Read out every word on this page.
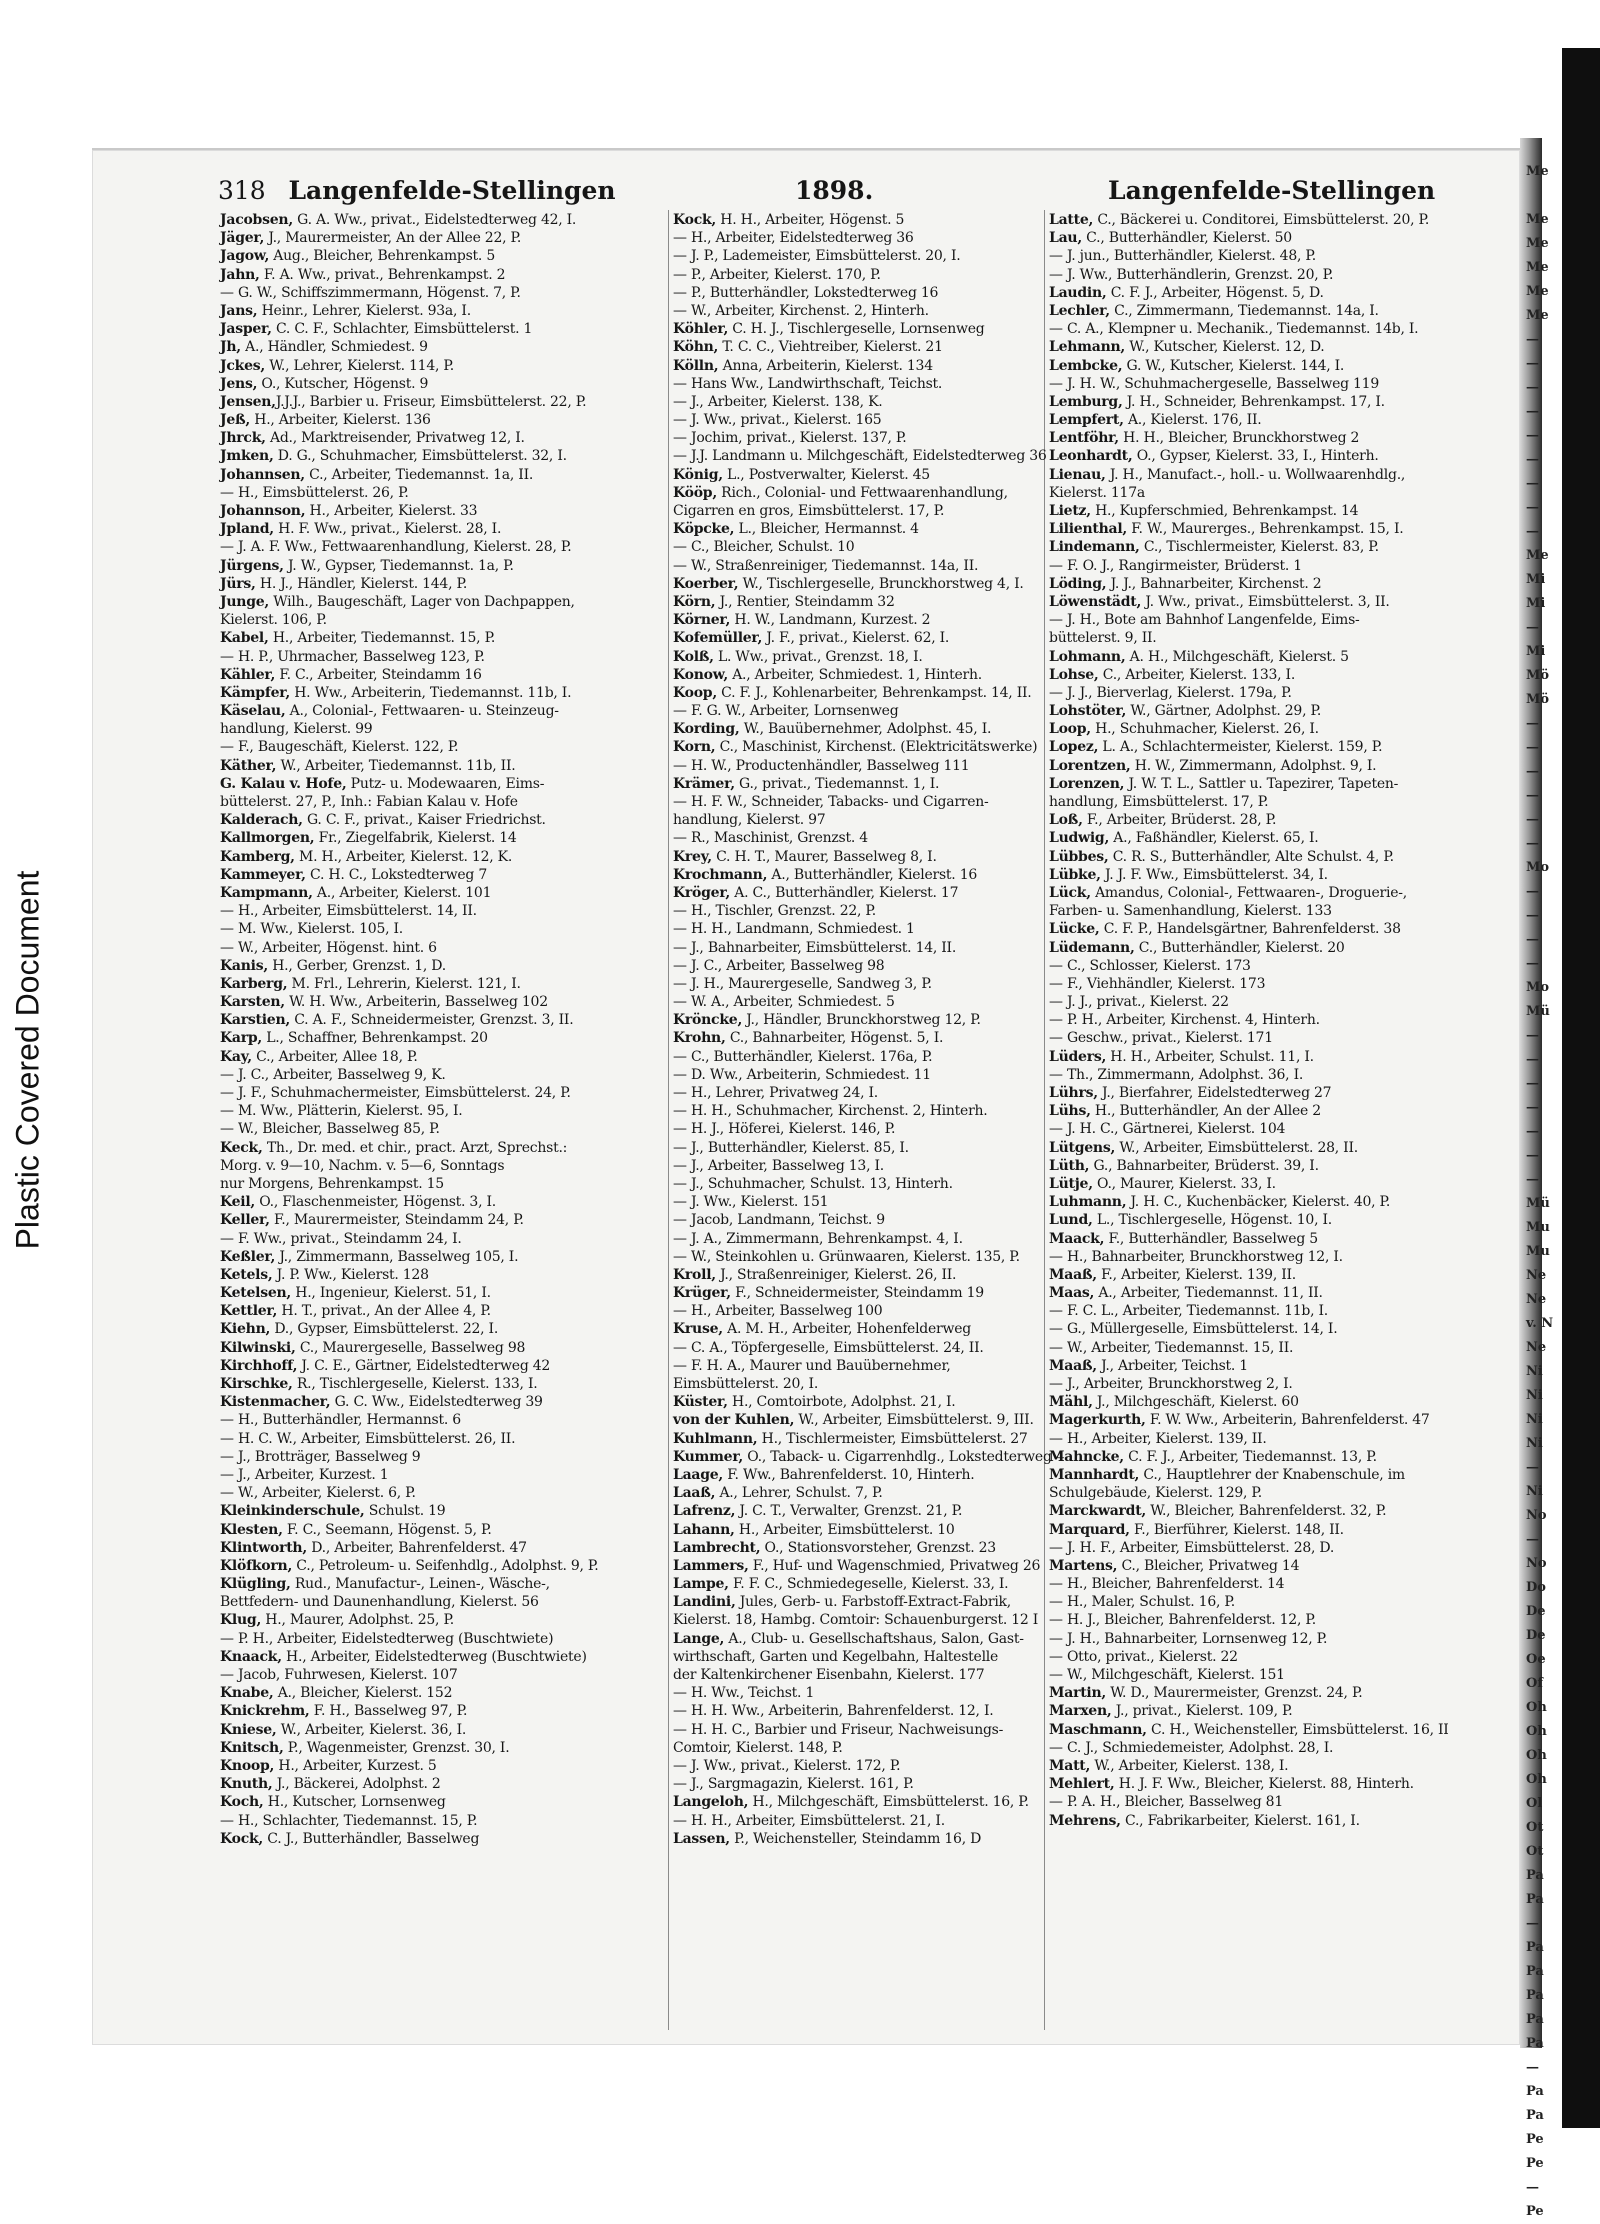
Plastic Covered Document
Me
Me
Me
Me
Me
Me
—
—
—
—
—
—
—
—
—
Me
Mi
Mi
—
Mi
Mö
Mö
—
—
—
—
—
—
Mo
—
—
—
—
Mo
Mü
—
—
—
—
—
—
—
Mü
Mu
Mu
Ne
Ne
v. N
Ne
Ni
Ni
Ni
Ni
—
Ni
No
—
No
Do
De
De
Oe
Of
Oh
Oh
Oh
Oh
Ol
Ot
Ot
Pa
Pa
—
Pa
Pa
Pa
Pa
Pa
—
Pa
Pa
Pe
Pe
—
Pe
318 Langenfelde-Stellingen	1898.	Langenfelde-Stellingen
Jacobsen, G. A. Ww., privat., Eidelstedterweg 42, I.
Jäger, J., Maurermeister, An der Allee 22, P.
Jagow, Aug., Bleicher, Behrenkampst. 5
Jahn, F. A. Ww., privat., Behrenkampst. 2
— G. W., Schiffszimmermann, Högenst. 7, P.
Jans, Heinr., Lehrer, Kielerst. 93a, I.
Jasper, C. C. F., Schlachter, Eimsbüttelerst. 1
Jh, A., Händler, Schmiedest. 9
Jckes, W., Lehrer, Kielerst. 114, P.
Jens, O., Kutscher, Högenst. 9
Jensen,J.J.J., Barbier u. Friseur, Eimsbüttelerst. 22, P.
Jeß, H., Arbeiter, Kielerst. 136
Jhrck, Ad., Marktreisender, Privatweg 12, I.
Jmken, D. G., Schuhmacher, Eimsbüttelerst. 32, I.
Johannsen, C., Arbeiter, Tiedemannst. 1a, II.
— H., Eimsbüttelerst. 26, P.
Johannson, H., Arbeiter, Kielerst. 33
Jpland, H. F. Ww., privat., Kielerst. 28, I.
— J. A. F. Ww., Fettwaarenhandlung, Kielerst. 28, P.
Jürgens, J. W., Gypser, Tiedemannst. 1a, P.
Jürs, H. J., Händler, Kielerst. 144, P.
Junge, Wilh., Baugeschäft, Lager von Dachpappen,
Kielerst. 106, P.
Kabel, H., Arbeiter, Tiedemannst. 15, P.
— H. P., Uhrmacher, Basselweg 123, P.
Kähler, F. C., Arbeiter, Steindamm 16
Kämpfer, H. Ww., Arbeiterin, Tiedemannst. 11b, I.
Käselau, A., Colonial-, Fettwaaren- u. Steinzeug-
handlung, Kielerst. 99
— F., Baugeschäft, Kielerst. 122, P.
Käther, W., Arbeiter, Tiedemannst. 11b, II.
G. Kalau v. Hofe, Putz- u. Modewaaren, Eims-
büttelerst. 27, P., Inh.: Fabian Kalau v. Hofe
Kalderach, G. C. F., privat., Kaiser Friedrichst.
Kallmorgen, Fr., Ziegelfabrik, Kielerst. 14
Kamberg, M. H., Arbeiter, Kielerst. 12, K.
Kammeyer, C. H. C., Lokstedterweg 7
Kampmann, A., Arbeiter, Kielerst. 101
— H., Arbeiter, Eimsbüttelerst. 14, II.
— M. Ww., Kielerst. 105, I.
— W., Arbeiter, Högenst. hint. 6
Kanis, H., Gerber, Grenzst. 1, D.
Karberg, M. Frl., Lehrerin, Kielerst. 121, I.
Karsten, W. H. Ww., Arbeiterin, Basselweg 102
Karstien, C. A. F., Schneidermeister, Grenzst. 3, II.
Karp, L., Schaffner, Behrenkampst. 20
Kay, C., Arbeiter, Allee 18, P.
— J. C., Arbeiter, Basselweg 9, K.
— J. F., Schuhmachermeister, Eimsbüttelerst. 24, P.
— M. Ww., Plätterin, Kielerst. 95, I.
— W., Bleicher, Basselweg 85, P.
Keck, Th., Dr. med. et chir., pract. Arzt, Sprechst.:
Morg. v. 9—10, Nachm. v. 5—6, Sonntags
nur Morgens, Behrenkampst. 15
Keil, O., Flaschenmeister, Högenst. 3, I.
Keller, F., Maurermeister, Steindamm 24, P.
— F. Ww., privat., Steindamm 24, I.
Keßler, J., Zimmermann, Basselweg 105, I.
Ketels, J. P. Ww., Kielerst. 128
Ketelsen, H., Ingenieur, Kielerst. 51, I.
Kettler, H. T., privat., An der Allee 4, P.
Kiehn, D., Gypser, Eimsbüttelerst. 22, I.
Kilwinski, C., Maurergeselle, Basselweg 98
Kirchhoff, J. C. E., Gärtner, Eidelstedterweg 42
Kirschke, R., Tischlergeselle, Kielerst. 133, I.
Kistenmacher, G. C. Ww., Eidelstedterweg 39
— H., Butterhändler, Hermannst. 6
— H. C. W., Arbeiter, Eimsbüttelerst. 26, II.
— J., Brotträger, Basselweg 9
— J., Arbeiter, Kurzest. 1
— W., Arbeiter, Kielerst. 6, P.
Kleinkinderschule, Schulst. 19
Klesten, F. C., Seemann, Högenst. 5, P.
Klintworth, D., Arbeiter, Bahrenfelderst. 47
Klöfkorn, C., Petroleum- u. Seifenhdlg., Adolphst. 9, P.
Klügling, Rud., Manufactur-, Leinen-, Wäsche-,
Bettfedern- und Daunenhandlung, Kielerst. 56
Klug, H., Maurer, Adolphst. 25, P.
— P. H., Arbeiter, Eidelstedterweg (Buschtwiete)
Knaack, H., Arbeiter, Eidelstedterweg (Buschtwiete)
— Jacob, Fuhrwesen, Kielerst. 107
Knabe, A., Bleicher, Kielerst. 152
Knickrehm, F. H., Basselweg 97, P.
Kniese, W., Arbeiter, Kielerst. 36, I.
Knitsch, P., Wagenmeister, Grenzst. 30, I.
Knoop, H., Arbeiter, Kurzest. 5
Knuth, J., Bäckerei, Adolphst. 2
Koch, H., Kutscher, Lornsenweg
— H., Schlachter, Tiedemannst. 15, P.
Kock, C. J., Butterhändler, Basselweg
Kock, H. H., Arbeiter, Högenst. 5
— H., Arbeiter, Eidelstedterweg 36
— J. P., Lademeister, Eimsbüttelerst. 20, I.
— P., Arbeiter, Kielerst. 170, P.
— P., Butterhändler, Lokstedterweg 16
— W., Arbeiter, Kirchenst. 2, Hinterh.
Köhler, C. H. J., Tischlergeselle, Lornsenweg
Köhn, T. C. C., Viehtreiber, Kielerst. 21
Kölln, Anna, Arbeiterin, Kielerst. 134
— Hans Ww., Landwirthschaft, Teichst.
— J., Arbeiter, Kielerst. 138, K.
— J. Ww., privat., Kielerst. 165
— Jochim, privat., Kielerst. 137, P.
— J.J. Landmann u. Milchgeschäft, Eidelstedterweg 36
König, L., Postverwalter, Kielerst. 45
Kööp, Rich., Colonial- und Fettwaarenhandlung,
Cigarren en gros, Eimsbüttelerst. 17, P.
Köpcke, L., Bleicher, Hermannst. 4
— C., Bleicher, Schulst. 10
— W., Straßenreiniger, Tiedemannst. 14a, II.
Koerber, W., Tischlergeselle, Brunckhorstweg 4, I.
Körn, J., Rentier, Steindamm 32
Körner, H. W., Landmann, Kurzest. 2
Kofemüller, J. F., privat., Kielerst. 62, I.
Kolß, L. Ww., privat., Grenzst. 18, I.
Konow, A., Arbeiter, Schmiedest. 1, Hinterh.
Koop, C. F. J., Kohlenarbeiter, Behrenkampst. 14, II.
— F. G. W., Arbeiter, Lornsenweg
Kording, W., Bauübernehmer, Adolphst. 45, I.
Korn, C., Maschinist, Kirchenst. (Elektricitätswerke)
— H. W., Productenhändler, Basselweg 111
Krämer, G., privat., Tiedemannst. 1, I.
— H. F. W., Schneider, Tabacks- und Cigarren-
handlung, Kielerst. 97
— R., Maschinist, Grenzst. 4
Krey, C. H. T., Maurer, Basselweg 8, I.
Krochmann, A., Butterhändler, Kielerst. 16
Kröger, A. C., Butterhändler, Kielerst. 17
— H., Tischler, Grenzst. 22, P.
— H. H., Landmann, Schmiedest. 1
— J., Bahnarbeiter, Eimsbüttelerst. 14, II.
— J. C., Arbeiter, Basselweg 98
— J. H., Maurergeselle, Sandweg 3, P.
— W. A., Arbeiter, Schmiedest. 5
Kröncke, J., Händler, Brunckhorstweg 12, P.
Krohn, C., Bahnarbeiter, Högenst. 5, I.
— C., Butterhändler, Kielerst. 176a, P.
— D. Ww., Arbeiterin, Schmiedest. 11
— H., Lehrer, Privatweg 24, I.
— H. H., Schuhmacher, Kirchenst. 2, Hinterh.
— H. J., Höferei, Kielerst. 146, P.
— J., Butterhändler, Kielerst. 85, I.
— J., Arbeiter, Basselweg 13, I.
— J., Schuhmacher, Schulst. 13, Hinterh.
— J. Ww., Kielerst. 151
— Jacob, Landmann, Teichst. 9
— J. A., Zimmermann, Behrenkampst. 4, I.
— W., Steinkohlen u. Grünwaaren, Kielerst. 135, P.
Kroll, J., Straßenreiniger, Kielerst. 26, II.
Krüger, F., Schneidermeister, Steindamm 19
— H., Arbeiter, Basselweg 100
Kruse, A. M. H., Arbeiter, Hohenfelderweg
— C. A., Töpfergeselle, Eimsbüttelerst. 24, II.
— F. H. A., Maurer und Bauübernehmer,
Eimsbüttelerst. 20, I.
Küster, H., Comtoirbote, Adolphst. 21, I.
von der Kuhlen, W., Arbeiter, Eimsbüttelerst. 9, III.
Kuhlmann, H., Tischlermeister, Eimsbüttelerst. 27
Kummer, O., Taback- u. Cigarrenhdlg., Lokstedterweg 4
Laage, F. Ww., Bahrenfelderst. 10, Hinterh.
Laaß, A., Lehrer, Schulst. 7, P.
Lafrenz, J. C. T., Verwalter, Grenzst. 21, P.
Lahann, H., Arbeiter, Eimsbüttelerst. 10
Lambrecht, O., Stationsvorsteher, Grenzst. 23
Lammers, F., Huf- und Wagenschmied, Privatweg 26
Lampe, F. F. C., Schmiedegeselle, Kielerst. 33, I.
Landini, Jules, Gerb- u. Farbstoff-Extract-Fabrik,
Kielerst. 18, Hambg. Comtoir: Schauenburgerst. 12 I
Lange, A., Club- u. Gesellschaftshaus, Salon, Gast-
wirthschaft, Garten und Kegelbahn, Haltestelle
der Kaltenkirchener Eisenbahn, Kielerst. 177
— H. Ww., Teichst. 1
— H. H. Ww., Arbeiterin, Bahrenfelderst. 12, I.
— H. H. C., Barbier und Friseur, Nachweisungs-
Comtoir, Kielerst. 148, P.
— J. Ww., privat., Kielerst. 172, P.
— J., Sargmagazin, Kielerst. 161, P.
Langeloh, H., Milchgeschäft, Eimsbüttelerst. 16, P.
— H. H., Arbeiter, Eimsbüttelerst. 21, I.
Lassen, P., Weichensteller, Steindamm 16, D
Latte, C., Bäckerei u. Conditorei, Eimsbüttelerst. 20, P.
Lau, C., Butterhändler, Kielerst. 50
— J. jun., Butterhändler, Kielerst. 48, P.
— J. Ww., Butterhändlerin, Grenzst. 20, P.
Laudin, C. F. J., Arbeiter, Högenst. 5, D.
Lechler, C., Zimmermann, Tiedemannst. 14a, I.
— C. A., Klempner u. Mechanik., Tiedemannst. 14b, I.
Lehmann, W., Kutscher, Kielerst. 12, D.
Lembcke, G. W., Kutscher, Kielerst. 144, I.
— J. H. W., Schuhmachergeselle, Basselweg 119
Lemburg, J. H., Schneider, Behrenkampst. 17, I.
Lempfert, A., Kielerst. 176, II.
Lentföhr, H. H., Bleicher, Brunckhorstweg 2
Leonhardt, O., Gypser, Kielerst. 33, I., Hinterh.
Lienau, J. H., Manufact.-, holl.- u. Wollwaarenhdlg.,
Kielerst. 117a
Lietz, H., Kupferschmied, Behrenkampst. 14
Lilienthal, F. W., Maurerges., Behrenkampst. 15, I.
Lindemann, C., Tischlermeister, Kielerst. 83, P.
— F. O. J., Rangirmeister, Brüderst. 1
Löding, J. J., Bahnarbeiter, Kirchenst. 2
Löwenstädt, J. Ww., privat., Eimsbüttelerst. 3, II.
— J. H., Bote am Bahnhof Langenfelde, Eims-
büttelerst. 9, II.
Lohmann, A. H., Milchgeschäft, Kielerst. 5
Lohse, C., Arbeiter, Kielerst. 133, I.
— J. J., Bierverlag, Kielerst. 179a, P.
Lohstöter, W., Gärtner, Adolphst. 29, P.
Loop, H., Schuhmacher, Kielerst. 26, I.
Lopez, L. A., Schlachtermeister, Kielerst. 159, P.
Lorentzen, H. W., Zimmermann, Adolphst. 9, I.
Lorenzen, J. W. T. L., Sattler u. Tapezirer, Tapeten-
handlung, Eimsbüttelerst. 17, P.
Loß, F., Arbeiter, Brüderst. 28, P.
Ludwig, A., Faßhändler, Kielerst. 65, I.
Lübbes, C. R. S., Butterhändler, Alte Schulst. 4, P.
Lübke, J. J. F. Ww., Eimsbüttelerst. 34, I.
Lück, Amandus, Colonial-, Fettwaaren-, Droguerie-,
Farben- u. Samenhandlung, Kielerst. 133
Lücke, C. F. P., Handelsgärtner, Bahrenfelderst. 38
Lüdemann, C., Butterhändler, Kielerst. 20
— C., Schlosser, Kielerst. 173
— F., Viehhändler, Kielerst. 173
— J. J., privat., Kielerst. 22
— P. H., Arbeiter, Kirchenst. 4, Hinterh.
— Geschw., privat., Kielerst. 171
Lüders, H. H., Arbeiter, Schulst. 11, I.
— Th., Zimmermann, Adolphst. 36, I.
Lührs, J., Bierfahrer, Eidelstedterweg 27
Lühs, H., Butterhändler, An der Allee 2
— J. H. C., Gärtnerei, Kielerst. 104
Lütgens, W., Arbeiter, Eimsbüttelerst. 28, II.
Lüth, G., Bahnarbeiter, Brüderst. 39, I.
Lütje, O., Maurer, Kielerst. 33, I.
Luhmann, J. H. C., Kuchenbäcker, Kielerst. 40, P.
Lund, L., Tischlergeselle, Högenst. 10, I.
Maack, F., Butterhändler, Basselweg 5
— H., Bahnarbeiter, Brunckhorstweg 12, I.
Maaß, F., Arbeiter, Kielerst. 139, II.
Maas, A., Arbeiter, Tiedemannst. 11, II.
— F. C. L., Arbeiter, Tiedemannst. 11b, I.
— G., Müllergeselle, Eimsbüttelerst. 14, I.
— W., Arbeiter, Tiedemannst. 15, II.
Maaß, J., Arbeiter, Teichst. 1
— J., Arbeiter, Brunckhorstweg 2, I.
Mähl, J., Milchgeschäft, Kielerst. 60
Magerkurth, F. W. Ww., Arbeiterin, Bahrenfelderst. 47
— H., Arbeiter, Kielerst. 139, II.
Mahncke, C. F. J., Arbeiter, Tiedemannst. 13, P.
Mannhardt, C., Hauptlehrer der Knabenschule, im
Schulgebäude, Kielerst. 129, P.
Marckwardt, W., Bleicher, Bahrenfelderst. 32, P.
Marquard, F., Bierführer, Kielerst. 148, II.
— J. H. F., Arbeiter, Eimsbüttelerst. 28, D.
Martens, C., Bleicher, Privatweg 14
— H., Bleicher, Bahrenfelderst. 14
— H., Maler, Schulst. 16, P.
— H. J., Bleicher, Bahrenfelderst. 12, P.
— J. H., Bahnarbeiter, Lornsenweg 12, P.
— Otto, privat., Kielerst. 22
— W., Milchgeschäft, Kielerst. 151
Martin, W. D., Maurermeister, Grenzst. 24, P.
Marxen, J., privat., Kielerst. 109, P.
Maschmann, C. H., Weichensteller, Eimsbüttelerst. 16, II
— C. J., Schmiedemeister, Adolphst. 28, I.
Matt, W., Arbeiter, Kielerst. 138, I.
Mehlert, H. J. F. Ww., Bleicher, Kielerst. 88, Hinterh.
— P. A. H., Bleicher, Basselweg 81
Mehrens, C., Fabrikarbeiter, Kielerst. 161, I.
